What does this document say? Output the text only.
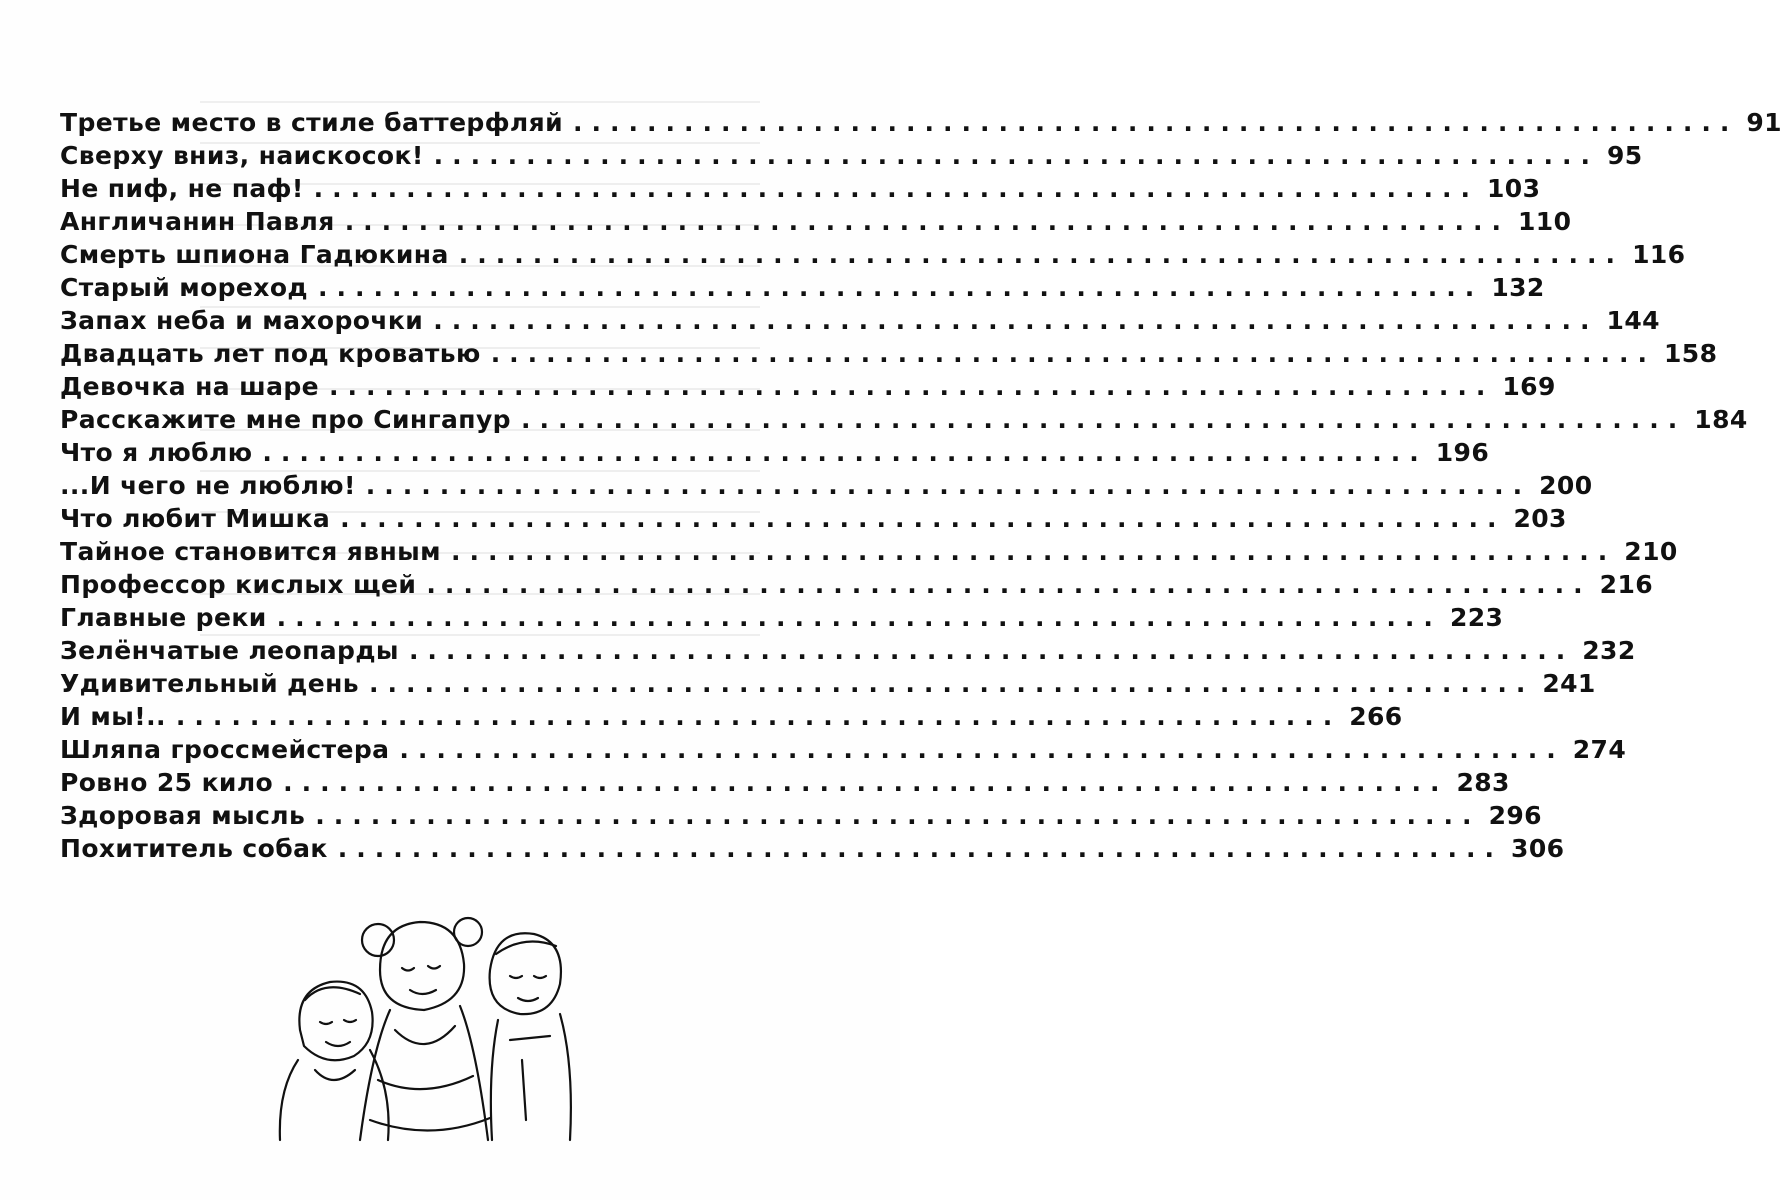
Третье место в стиле баттерфляй ............................................................... 91
Сверху вниз, наискосок! ............................................................... 95
Не пиф, не паф! ............................................................... 103
Англичанин Павля ............................................................... 110
Смерть шпиона Гадюкина ............................................................... 116
Старый мореход ............................................................... 132
Запах неба и махорочки ............................................................... 144
Двадцать лет под кроватью ............................................................... 158
Девочка на шаре ............................................................... 169
Расскажите мне про Сингапур ............................................................... 184
Что я люблю ............................................................... 196
...И чего не люблю! ............................................................... 200
Что любит Мишка ............................................................... 203
Тайное становится явным ............................................................... 210
Профессор кислых щей ............................................................... 216
Главные реки ............................................................... 223
Зелёнчатые леопарды ............................................................... 232
Удивительный день ............................................................... 241
И мы!.. ............................................................... 266
Шляпа гроссмейстера ............................................................... 274
Ровно 25 кило ............................................................... 283
Здоровая мысль ............................................................... 296
Похититель собак ............................................................... 306
